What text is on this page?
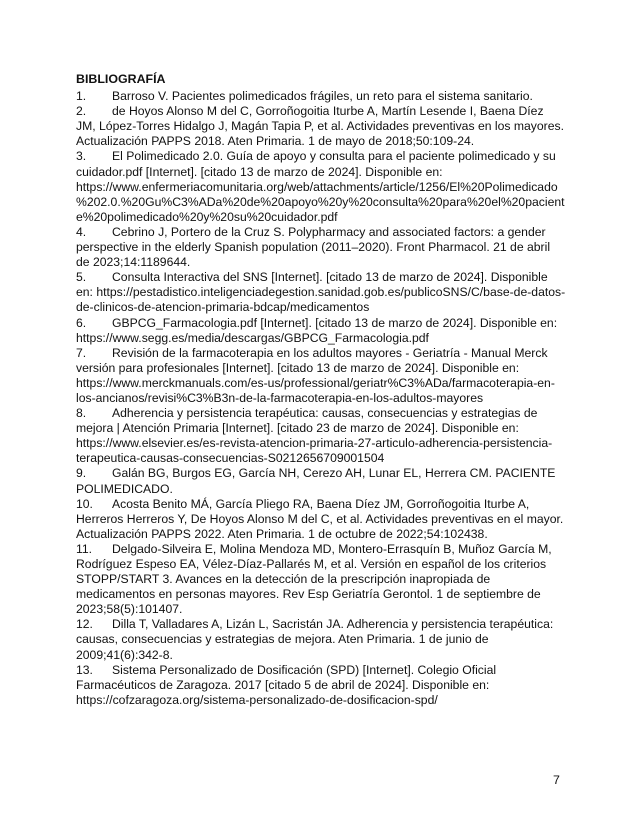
BIBLIOGRAFÍA
1. Barroso V. Pacientes polimedicados frágiles, un reto para el sistema sanitario.
2. de Hoyos Alonso M del C, Gorroñogoitia Iturbe A, Martín Lesende I, Baena Díez JM, López-Torres Hidalgo J, Magán Tapia P, et al. Actividades preventivas en los mayores. Actualización PAPPS 2018. Aten Primaria. 1 de mayo de 2018;50:109-24.
3. El Polimedicado 2.0. Guía de apoyo y consulta para el paciente polimedicado y su cuidador.pdf [Internet]. [citado 13 de marzo de 2024]. Disponible en: https://www.enfermeriacomunitaria.org/web/attachments/article/1256/El%20Polimedicado%202.0.%20Gu%C3%ADa%20de%20apoyo%20y%20consulta%20para%20el%20paciente%20polimedicado%20y%20su%20cuidador.pdf
4. Cebrino J, Portero de la Cruz S. Polypharmacy and associated factors: a gender perspective in the elderly Spanish population (2011–2020). Front Pharmacol. 21 de abril de 2023;14:1189644.
5. Consulta Interactiva del SNS [Internet]. [citado 13 de marzo de 2024]. Disponible en: https://pestadistico.inteligenciadegestion.sanidad.gob.es/publicoSNS/C/base-de-datos-de-clinicos-de-atencion-primaria-bdcap/medicamentos
6. GBPCG_Farmacologia.pdf [Internet]. [citado 13 de marzo de 2024]. Disponible en: https://www.segg.es/media/descargas/GBPCG_Farmacologia.pdf
7. Revisión de la farmacoterapia en los adultos mayores - Geriatría - Manual Merck versión para profesionales [Internet]. [citado 13 de marzo de 2024]. Disponible en: https://www.merckmanuals.com/es-us/professional/geriatr%C3%ADa/farmacoterapia-en-los-ancianos/revisi%C3%B3n-de-la-farmacoterapia-en-los-adultos-mayores
8. Adherencia y persistencia terapéutica: causas, consecuencias y estrategias de mejora | Atención Primaria [Internet]. [citado 23 de marzo de 2024]. Disponible en: https://www.elsevier.es/es-revista-atencion-primaria-27-articulo-adherencia-persistencia-terapeutica-causas-consecuencias-S0212656709001504
9. Galán BG, Burgos EG, García NH, Cerezo AH, Lunar EL, Herrera CM. PACIENTE POLIMEDICADO.
10. Acosta Benito MÁ, García Pliego RA, Baena Díez JM, Gorroñogoitia Iturbe A, Herreros Herreros Y, De Hoyos Alonso M del C, et al. Actividades preventivas en el mayor. Actualización PAPPS 2022. Aten Primaria. 1 de octubre de 2022;54:102438.
11. Delgado-Silveira E, Molina Mendoza MD, Montero-Errasquín B, Muñoz García M, Rodríguez Espeso EA, Vélez-Díaz-Pallarés M, et al. Versión en español de los criterios STOPP/START 3. Avances en la detección de la prescripción inapropiada de medicamentos en personas mayores. Rev Esp Geriatría Gerontol. 1 de septiembre de 2023;58(5):101407.
12. Dilla T, Valladares A, Lizán L, Sacristán JA. Adherencia y persistencia terapéutica: causas, consecuencias y estrategias de mejora. Aten Primaria. 1 de junio de 2009;41(6):342-8.
13. Sistema Personalizado de Dosificación (SPD) [Internet]. Colegio Oficial Farmacéuticos de Zaragoza. 2017 [citado 5 de abril de 2024]. Disponible en: https://cofzaragoza.org/sistema-personalizado-de-dosificacion-spd/
7
